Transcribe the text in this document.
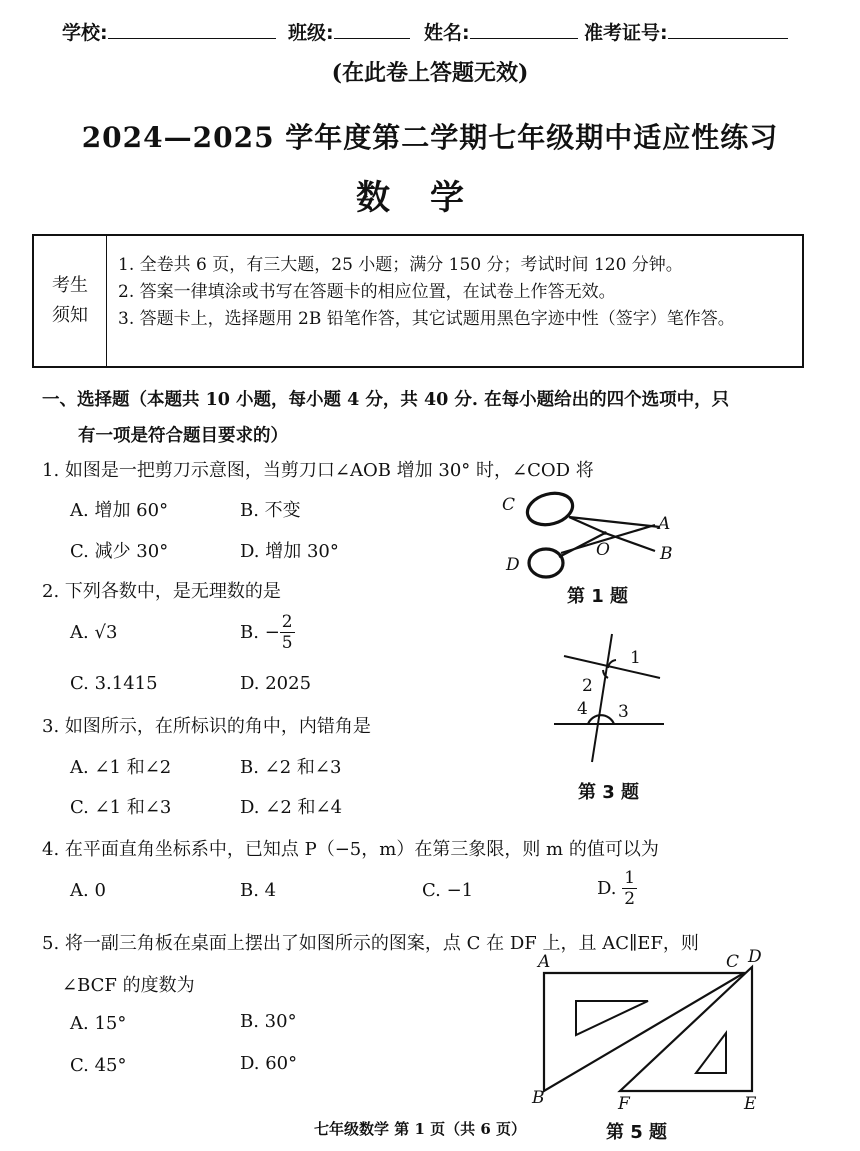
学校:	班级:	姓名:	准考证号:
(在此卷上答题无效)
2024—2025 学年度第二学期七年级期中适应性练习
数学
考生须知
1. 全卷共 6 页，有三大题，25 小题；满分 150 分；考试时间 120 分钟。
2. 答案一律填涂或书写在答题卡的相应位置，在试卷上作答无效。
3. 答题卡上，选择题用 2B 铅笔作答，其它试题用黑色字迹中性（签字）笔作答。
一、选择题（本题共 10 小题，每小题 4 分，共 40 分. 在每小题给出的四个选项中，只
有一项是符合题目要求的）
1. 如图是一把剪刀示意图，当剪刀口∠AOB 增加 30° 时，∠COD 将
A. 增加 60°	B. 不变
C. 减少 30°	D. 增加 30°
C
D
A
B
O
第 1 题
2. 下列各数中，是无理数的是
A. √3	B.
− $\frac{2}{5}$
C. 3.1415	D. 2025
1
2
3
4
第 3 题
3. 如图所示，在所标识的角中，内错角是
A. ∠1 和∠2	B. ∠2 和∠3
C. ∠1 和∠3	D. ∠2 和∠4
4. 在平面直角坐标系中，已知点 P（−5，m）在第三象限，则 m 的值可以为
A. 0	B. 4	C. −1	D.
$\frac{1}{2}$
5. 将一副三角板在桌面上摆出了如图所示的图案，点 C 在 DF 上，且 AC∥EF，则
∠BCF 的度数为
A. 15°	B. 30°
C. 45°	D. 60°
A	C D
B	F	E
第 5 题
七年级数学 第 1 页（共 6 页）
